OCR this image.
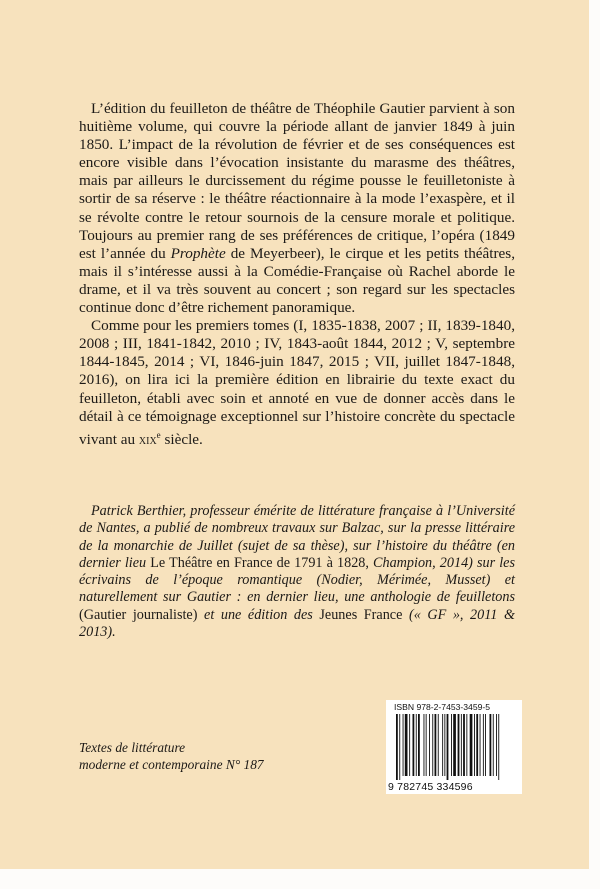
L’édition du feuilleton de théâtre de Théophile Gautier parvient à son huitième volume, qui couvre la période allant de janvier 1849 à juin 1850. L’impact de la révolution de février et de ses conséquences est encore visible dans l’évocation insistante du marasme des théâtres, mais par ailleurs le durcissement du régime pousse le feuilletoniste à sortir de sa réserve : le théâtre réactionnaire à la mode l’exaspère, et il se révolte contre le retour sournois de la censure morale et politique. Toujours au premier rang de ses préférences de critique, l’opéra (1849 est l’année du Prophète de Meyerbeer), le cirque et les petits théâtres, mais il s’intéresse aussi à la Comédie-Française où Rachel aborde le drame, et il va très souvent au concert ; son regard sur les spectacles continue donc d’être richement panoramique.

Comme pour les premiers tomes (I, 1835-1838, 2007 ; II, 1839-1840, 2008 ; III, 1841-1842, 2010 ; IV, 1843-août 1844, 2012 ; V, septembre 1844-1845, 2014 ; VI, 1846-juin 1847, 2015 ; VII, juillet 1847-1848, 2016), on lira ici la première édition en librairie du texte exact du feuilleton, établi avec soin et annoté en vue de donner accès dans le détail à ce témoignage exceptionnel sur l’histoire concrète du spectacle vivant au xix$^e$ siècle.

Patrick Berthier, professeur émérite de littérature française à l’Université de Nantes, a publié de nombreux travaux sur Balzac, sur la presse littéraire de la monarchie de Juillet (sujet de sa thèse), sur l’histoire du théâtre (en dernier lieu Le Théâtre en France de 1791 à 1828, Champion, 2014) sur les écrivains de l’époque romantique (Nodier, Mérimée, Musset) et naturellement sur Gautier : en dernier lieu, une anthologie de feuilletons (Gautier journaliste) et une édition des Jeunes France (« GF », 2011 & 2013).

ISBN 978-2-7453-3459-5
9 782745 334596
Textes de littérature
moderne et contemporaine N° 187
